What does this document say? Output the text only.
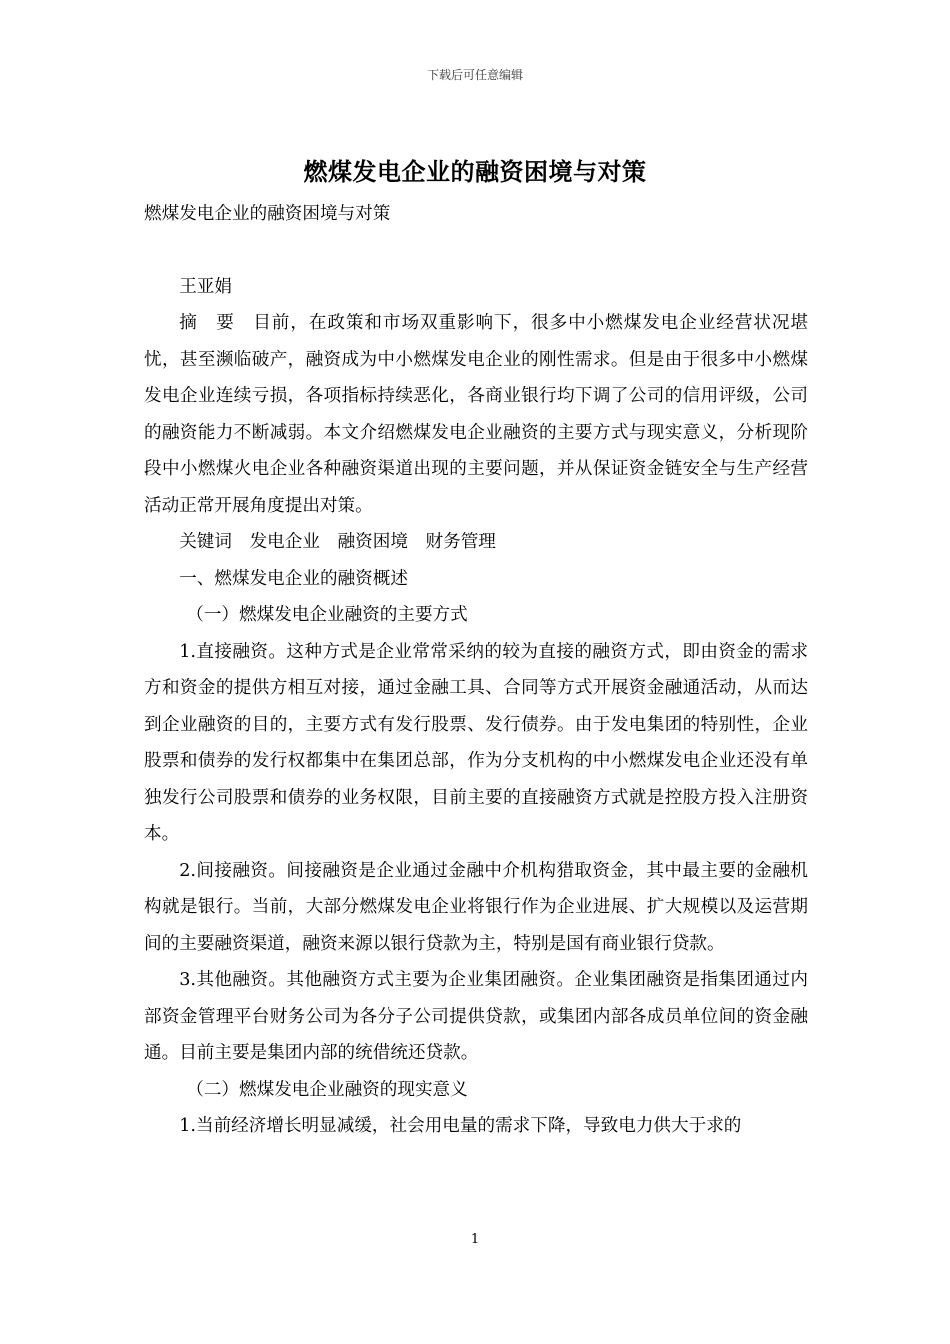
下载后可任意编辑
燃煤发电企业的融资困境与对策

燃煤发电企业的融资困境与对策

王亚娟

摘　要　目前，在政策和市场双重影响下，很多中小燃煤发电企业经营状况堪忧，甚至濒临破产，融资成为中小燃煤发电企业的刚性需求。但是由于很多中小燃煤发电企业连续亏损，各项指标持续恶化，各商业银行均下调了公司的信用评级，公司的融资能力不断减弱。本文介绍燃煤发电企业融资的主要方式与现实意义，分析现阶段中小燃煤火电企业各种融资渠道出现的主要问题，并从保证资金链安全与生产经营活动正常开展角度提出对策。

关键词　发电企业　融资困境　财务管理

一、燃煤发电企业的融资概述

（一）燃煤发电企业融资的主要方式

1.直接融资。这种方式是企业常常采纳的较为直接的融资方式，即由资金的需求方和资金的提供方相互对接，通过金融工具、合同等方式开展资金融通活动，从而达到企业融资的目的，主要方式有发行股票、发行债券。由于发电集团的特别性，企业股票和债券的发行权都集中在集团总部，作为分支机构的中小燃煤发电企业还没有单独发行公司股票和债券的业务权限，目前主要的直接融资方式就是控股方投入注册资本。

2.间接融资。间接融资是企业通过金融中介机构猎取资金，其中最主要的金融机构就是银行。当前，大部分燃煤发电企业将银行作为企业进展、扩大规模以及运营期间的主要融资渠道，融资来源以银行贷款为主，特别是国有商业银行贷款。

3.其他融资。其他融资方式主要为企业集团融资。企业集团融资是指集团通过内部资金管理平台财务公司为各分子公司提供贷款，或集团内部各成员单位间的资金融通。目前主要是集团内部的统借统还贷款。

（二）燃煤发电企业融资的现实意义

1.当前经济增长明显减缓，社会用电量的需求下降，导致电力供大于求的

1
